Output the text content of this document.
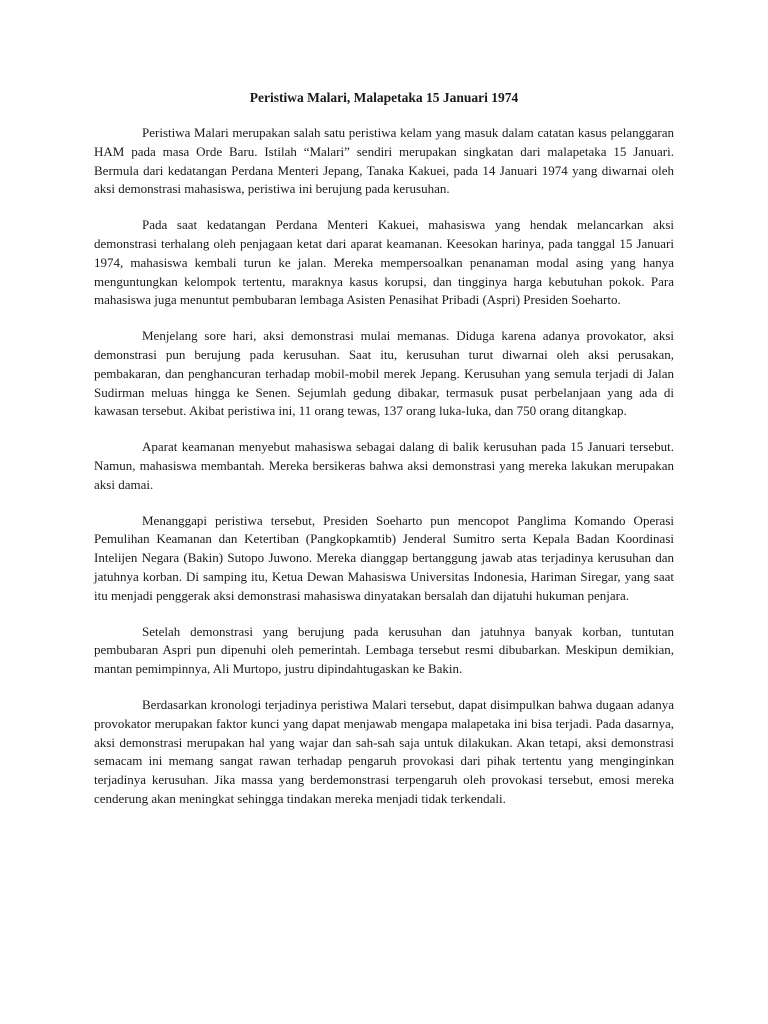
Peristiwa Malari, Malapetaka 15 Januari 1974

Peristiwa Malari merupakan salah satu peristiwa kelam yang masuk dalam catatan kasus pelanggaran HAM pada masa Orde Baru. Istilah “Malari” sendiri merupakan singkatan dari malapetaka 15 Januari. Bermula dari kedatangan Perdana Menteri Jepang, Tanaka Kakuei, pada 14 Januari 1974 yang diwarnai oleh aksi demonstrasi mahasiswa, peristiwa ini berujung pada kerusuhan.

Pada saat kedatangan Perdana Menteri Kakuei, mahasiswa yang hendak melancarkan aksi demonstrasi terhalang oleh penjagaan ketat dari aparat keamanan. Keesokan harinya, pada tanggal 15 Januari 1974, mahasiswa kembali turun ke jalan. Mereka mempersoalkan penanaman modal asing yang hanya menguntungkan kelompok tertentu, maraknya kasus korupsi, dan tingginya harga kebutuhan pokok. Para mahasiswa juga menuntut pembubaran lembaga Asisten Penasihat Pribadi (Aspri) Presiden Soeharto.

Menjelang sore hari, aksi demonstrasi mulai memanas. Diduga karena adanya provokator, aksi demonstrasi pun berujung pada kerusuhan. Saat itu, kerusuhan turut diwarnai oleh aksi perusakan, pembakaran, dan penghancuran terhadap mobil-mobil merek Jepang. Kerusuhan yang semula terjadi di Jalan Sudirman meluas hingga ke Senen. Sejumlah gedung dibakar, termasuk pusat perbelanjaan yang ada di kawasan tersebut. Akibat peristiwa ini, 11 orang tewas, 137 orang luka-luka, dan 750 orang ditangkap.

Aparat keamanan menyebut mahasiswa sebagai dalang di balik kerusuhan pada 15 Januari tersebut. Namun, mahasiswa membantah. Mereka bersikeras bahwa aksi demonstrasi yang mereka lakukan merupakan aksi damai.

Menanggapi peristiwa tersebut, Presiden Soeharto pun mencopot Panglima Komando Operasi Pemulihan Keamanan dan Ketertiban (Pangkopkamtib) Jenderal Sumitro serta Kepala Badan Koordinasi Intelijen Negara (Bakin) Sutopo Juwono. Mereka dianggap bertanggung jawab atas terjadinya kerusuhan dan jatuhnya korban. Di samping itu, Ketua Dewan Mahasiswa Universitas Indonesia, Hariman Siregar, yang saat itu menjadi penggerak aksi demonstrasi mahasiswa dinyatakan bersalah dan dijatuhi hukuman penjara.

Setelah demonstrasi yang berujung pada kerusuhan dan jatuhnya banyak korban, tuntutan pembubaran Aspri pun dipenuhi oleh pemerintah. Lembaga tersebut resmi dibubarkan. Meskipun demikian, mantan pemimpinnya, Ali Murtopo, justru dipindahtugaskan ke Bakin.

Berdasarkan kronologi terjadinya peristiwa Malari tersebut, dapat disimpulkan bahwa dugaan adanya provokator merupakan faktor kunci yang dapat menjawab mengapa malapetaka ini bisa terjadi. Pada dasarnya, aksi demonstrasi merupakan hal yang wajar dan sah-sah saja untuk dilakukan. Akan tetapi, aksi demonstrasi semacam ini memang sangat rawan terhadap pengaruh provokasi dari pihak tertentu yang menginginkan terjadinya kerusuhan. Jika massa yang berdemonstrasi terpengaruh oleh provokasi tersebut, emosi mereka cenderung akan meningkat sehingga tindakan mereka menjadi tidak terkendali.
